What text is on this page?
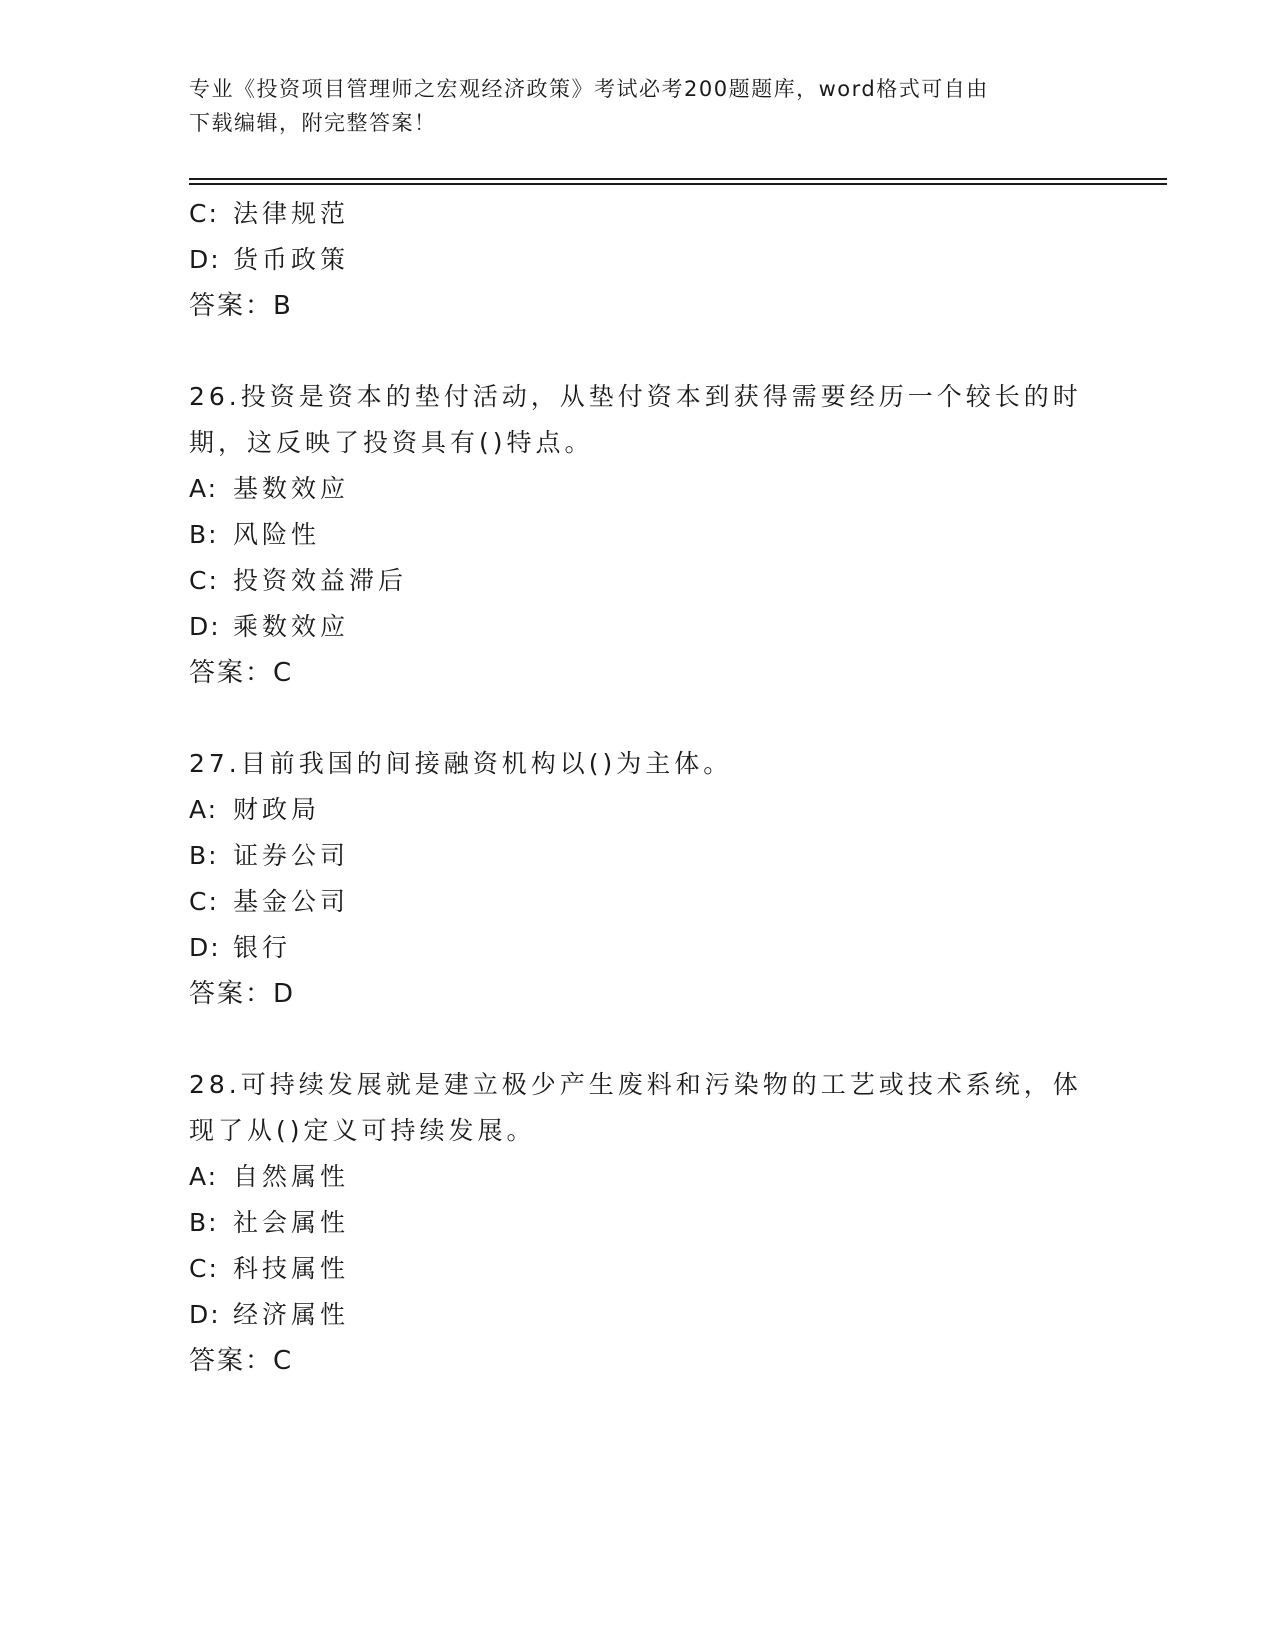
专业《投资项目管理师之宏观经济政策》考试必考200题题库，word格式可自由
下载编辑，附完整答案！
C: 法律规范
D: 货币政策
答案：B
26.投资是资本的垫付活动，从垫付资本到获得需要经历一个较长的时
期，这反映了投资具有()特点。
A: 基数效应
B: 风险性
C: 投资效益滞后
D: 乘数效应
答案：C
27.目前我国的间接融资机构以()为主体。
A: 财政局
B: 证券公司
C: 基金公司
D: 银行
答案：D
28.可持续发展就是建立极少产生废料和污染物的工艺或技术系统，体
现了从()定义可持续发展。
A: 自然属性
B: 社会属性
C: 科技属性
D: 经济属性
答案：C
